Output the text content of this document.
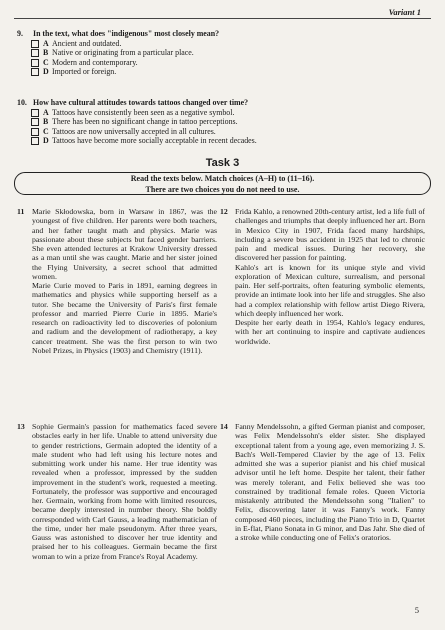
Variant 1
9.	In the text, what does "indigenous" most closely mean?
A Ancient and outdated.
B Native or originating from a particular place.
C Modern and contemporary.
D Imported or foreign.
10. How have cultural attitudes towards tattoos changed over time?
A Tattoos have consistently been seen as a negative symbol.
B There has been no significant change in tattoo perceptions.
C Tattoos are now universally accepted in all cultures.
D Tattoos have become more socially acceptable in recent decades.
Task 3
Read the texts below. Match choices (A–H) to (11–16).
There are two choices you do not need to use.
11 Marie Skłodowska, born in Warsaw in 1867, was the youngest of five children. Her parents were both teachers, and her father taught math and physics. Marie was passionate about these subjects but faced gender barriers. She even attended lectures at Krakow University dressed as a man until she was caught. Marie and her sister joined the Flying University, a secret school that admitted women.
Marie Curie moved to Paris in 1891, earning degrees in mathematics and physics while supporting herself as a tutor. She became the University of Paris's first female professor and married Pierre Curie in 1895. Marie's research on radioactivity led to discoveries of polonium and radium and the development of radiotherapy, a key cancer treatment. She was the first person to win two Nobel Prizes, in Physics (1903) and Chemistry (1911).
12 Frida Kahlo, a renowned 20th-century artist, led a life full of challenges and triumphs that deeply influenced her art. Born in Mexico City in 1907, Frida faced many hardships, including a severe bus accident in 1925 that led to chronic pain and medical issues. During her recovery, she discovered her passion for painting.
Kahlo's art is known for its unique style and vivid exploration of Mexican culture, surrealism, and personal pain. Her self-portraits, often featuring symbolic elements, provide an intimate look into her life and struggles. She also had a complex relationship with fellow artist Diego Rivera, which deeply influenced her work.
Despite her early death in 1954, Kahlo's legacy endures, with her art continuing to inspire and captivate audiences worldwide.
13 Sophie Germain's passion for mathematics faced severe obstacles early in her life. Unable to attend university due to gender restrictions, Germain adopted the identity of a male student who had left using his lecture notes and submitting work under his name. Her true identity was revealed when a professor, impressed by the sudden improvement in the student's work, requested a meeting. Fortunately, the professor was supportive and encouraged her. Germain, working from home with limited resources, became deeply interested in number theory. She boldly corresponded with Carl Gauss, a leading mathematician of the time, under her male pseudonym. After three years, Gauss was astonished to discover her true identity and praised her to his colleagues. Germain became the first woman to win a prize from France's Royal Academy.
14 Fanny Mendelssohn, a gifted German pianist and composer, was Felix Mendelssohn's elder sister. She displayed exceptional talent from a young age, even memorizing J. S. Bach's Well-Tempered Clavier by the age of 13. Felix admitted she was a superior pianist and his chief musical advisor until he left home. Despite her talent, their father was merely tolerant, and Felix believed she was too constrained by traditional female roles. Queen Victoria mistakenly attributed the Mendelssohn song "Italien" to Felix, discovering later it was Fanny's work. Fanny composed 460 pieces, including the Piano Trio in D, Quartet in E-flat, Piano Sonata in G minor, and Das Jahr. She died of a stroke while conducting one of Felix's oratorios.
5
